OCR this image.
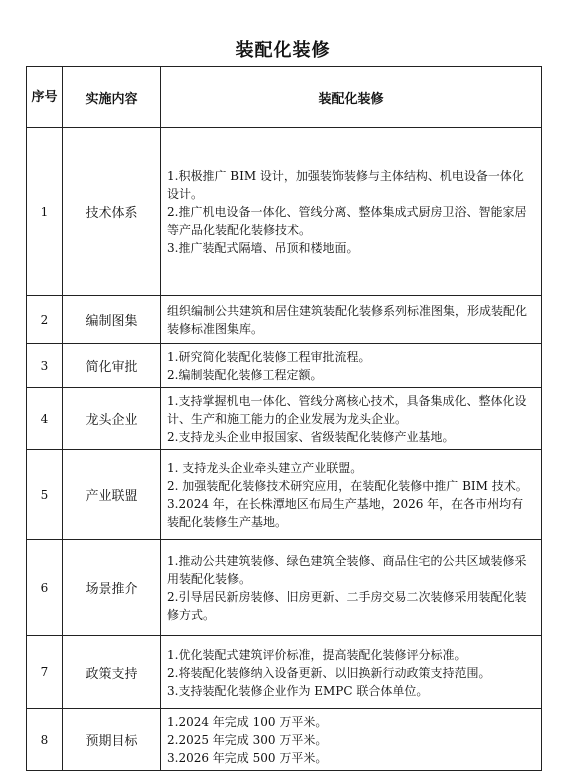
装配化装修
序号	实施内容	装配化装修
1	技术体系	1.积极推广 BIM 设计，加强装饰装修与主体结构、机电设备一体化设计。
2.推广机电设备一体化、管线分离、整体集成式厨房卫浴、智能家居等产品化装配化装修技术。
3.推广装配式隔墙、吊顶和楼地面。

2	编制图集	组织编制公共建筑和居住建筑装配化装修系列标准图集，形成装配化装修标准图集库。

3	简化审批	1.研究简化装配化装修工程审批流程。
2.编制装配化装修工程定额。

4	龙头企业	1.支持掌握机电一体化、管线分离核心技术，具备集成化、整体化设计、生产和施工能力的企业发展为龙头企业。
2.支持龙头企业申报国家、省级装配化装修产业基地。

5	产业联盟	1. 支持龙头企业牵头建立产业联盟。
2. 加强装配化装修技术研究应用，在装配化装修中推广 BIM 技术。
3.2024 年，在长株潭地区布局生产基地，2026 年，在各市州均有装配化装修生产基地。

6	场景推介	1.推动公共建筑装修、绿色建筑全装修、商品住宅的公共区域装修采用装配化装修。
2.引导居民新房装修、旧房更新、二手房交易二次装修采用装配化装修方式。

7	政策支持	1.优化装配式建筑评价标准，提高装配化装修评分标准。
2.将装配化装修纳入设备更新、以旧换新行动政策支持范围。
3.支持装配化装修企业作为 EMPC 联合体单位。

8	预期目标	1.2024 年完成 100 万平米。
2.2025 年完成 300 万平米。
3.2026 年完成 500 万平米。
